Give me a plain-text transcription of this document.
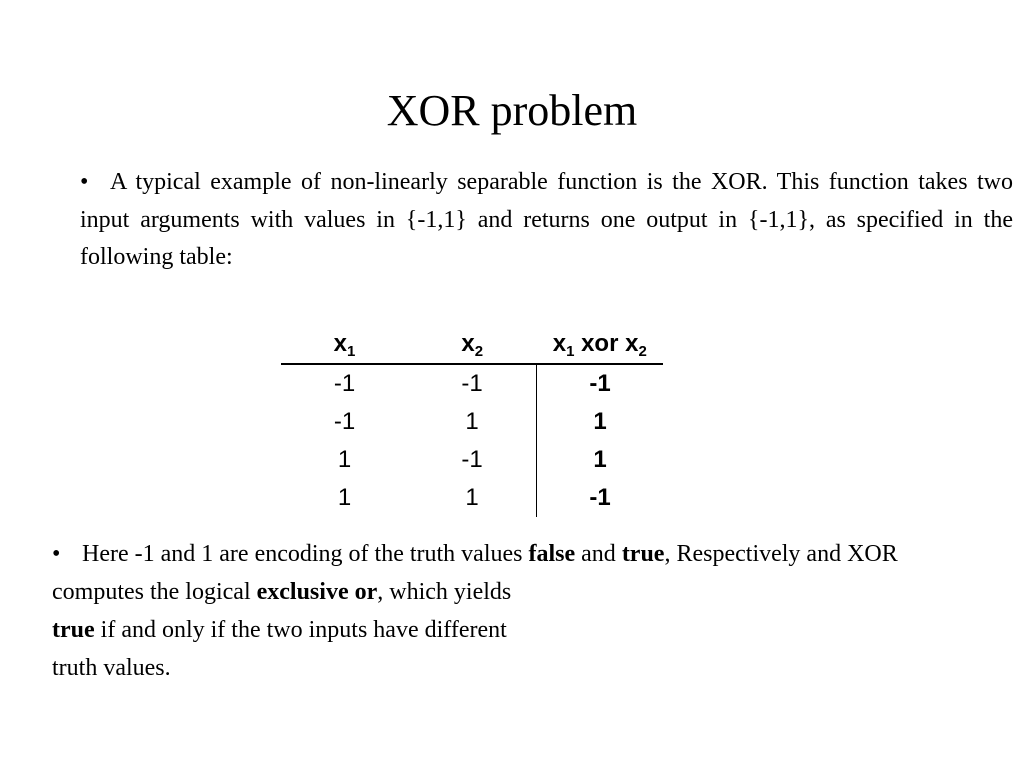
XOR problem
• A typical example of non-linearly separable function is the XOR. This function takes two input arguments with values in {-1,1} and returns one output in {-1,1}, as specified in the following table:
$x_1$	$x_2$	$x_1$ xor $x_2$
-1	-1	-1
-1	1	1
1	-1	1
1	1	-1
• Here -1 and 1 are encoding of the truth values false and true, Respectively and XOR computes the logical exclusive or, which yields
true if and only if the two inputs have different
truth values.
